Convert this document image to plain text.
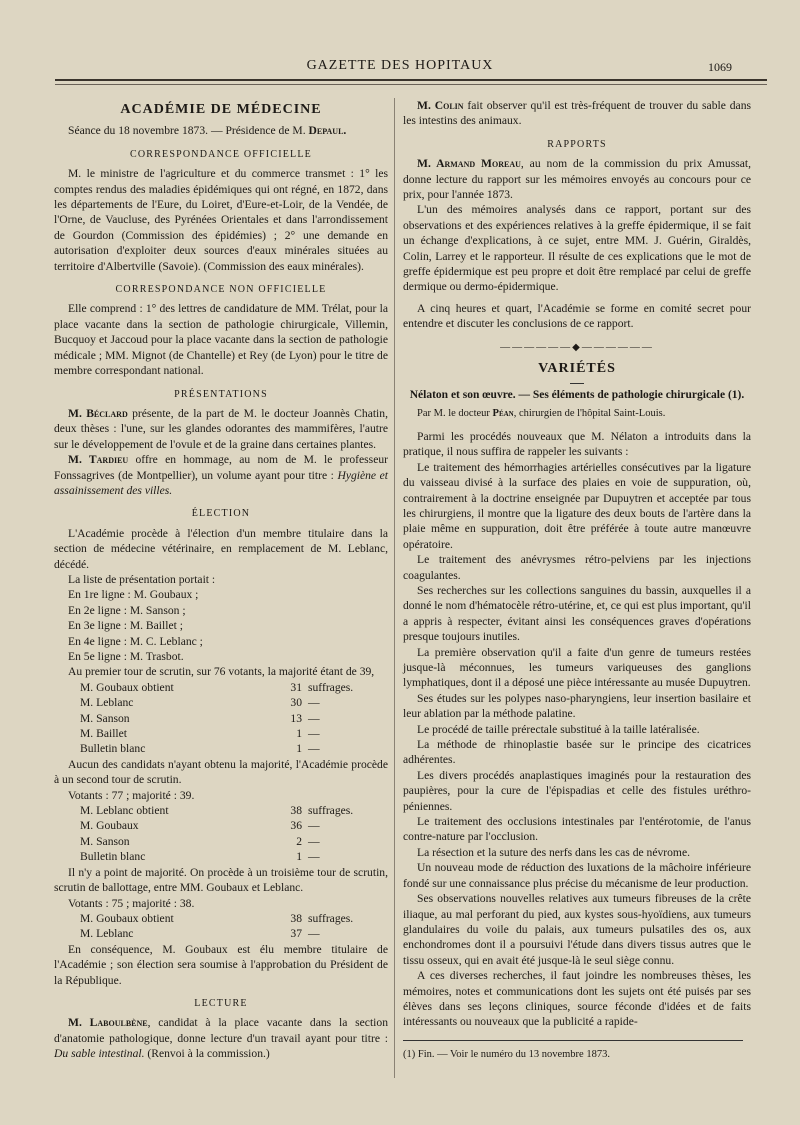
GAZETTE DES HOPITAUX	1069
ACADÉMIE DE MÉDECINE

Séance du 18 novembre 1873. — Présidence de M. Depaul.

CORRESPONDANCE OFFICIELLE

M. le ministre de l'agriculture et du commerce transmet : 1° les comptes rendus des maladies épidémiques qui ont régné, en 1872, dans les départements de l'Eure, du Loiret, d'Eure-et-Loir, de la Vendée, de l'Orne, de Vaucluse, des Pyrénées Orientales et dans l'arrondissement de Gourdon (Commission des épidémies) ; 2° une demande en autorisation d'exploiter deux sources d'eaux minérales situées au territoire d'Albertville (Savoie). (Commission des eaux minérales).

CORRESPONDANCE NON OFFICIELLE

Elle comprend : 1° des lettres de candidature de MM. Trélat, pour la place vacante dans la section de pathologie chirurgicale, Villemin, Bucquoy et Jaccoud pour la place vacante dans la section de pathologie médicale ; MM. Mignot (de Chantelle) et Rey (de Lyon) pour le titre de membre correspondant national.

PRÉSENTATIONS

M. Béclard présente, de la part de M. le docteur Joannès Chatin, deux thèses : l'une, sur les glandes odorantes des mammifères, l'autre sur le développement de l'ovule et de la graine dans certaines plantes.

M. Tardieu offre en hommage, au nom de M. le professeur Fonssagrives (de Montpellier), un volume ayant pour titre : Hygiène et assainissement des villes.

ÉLECTION

L'Académie procède à l'élection d'un membre titulaire dans la section de médecine vétérinaire, en remplacement de M. Leblanc, décédé.

La liste de présentation portait :

En 1re ligne : M. Goubaux ;
En 2e ligne : M. Sanson ;
En 3e ligne : M. Baillet ;
En 4e ligne : M. C. Leblanc ;
En 5e ligne : M. Trasbot.

Au premier tour de scrutin, sur 76 votants, la majorité étant de 39,

M. Goubaux obtient	31	suffrages.
M. Leblanc	30	—
M. Sanson	13	—
M. Baillet	1	—
Bulletin blanc	1	—

Aucun des candidats n'ayant obtenu la majorité, l'Académie procède à un second tour de scrutin.

Votants : 77 ; majorité : 39.

M. Leblanc obtient	38	suffrages.
M. Goubaux	36	—
M. Sanson	2	—
Bulletin blanc	1	—

Il n'y a point de majorité. On procède à un troisième tour de scrutin, scrutin de ballottage, entre MM. Goubaux et Leblanc.

Votants : 75 ; majorité : 38.

M. Goubaux obtient	38	suffrages.
M. Leblanc	37	—

En conséquence, M. Goubaux est élu membre titulaire de l'Académie ; son élection sera soumise à l'approbation du Président de la République.

LECTURE

M. Laboulbène, candidat à la place vacante dans la section d'anatomie pathologique, donne lecture d'un travail ayant pour titre : Du sable intestinal. (Renvoi à la commission.)

M. Colin fait observer qu'il est très-fréquent de trouver du sable dans les intestins des animaux.

RAPPORTS

M. Armand Moreau, au nom de la commission du prix Amussat, donne lecture du rapport sur les mémoires envoyés au concours pour ce prix, pour l'année 1873.

L'un des mémoires analysés dans ce rapport, portant sur des observations et des expériences relatives à la greffe épidermique, il se fait un échange d'explications, à ce sujet, entre MM. J. Guérin, Giraldès, Colin, Larrey et le rapporteur. Il résulte de ces explications que le mot de greffe épidermique est peu propre et doit être remplacé par celui de greffe dermique ou dermo-épidermique.

A cinq heures et quart, l'Académie se forme en comité secret pour entendre et discuter les conclusions de ce rapport.

——————◆——————
VARIÉTÉS
Nélaton et son œuvre. — Ses éléments de pathologie chirurgicale (1).

Par M. le docteur Péan, chirurgien de l'hôpital Saint-Louis.

Parmi les procédés nouveaux que M. Nélaton a introduits dans la pratique, il nous suffira de rappeler les suivants :

Le traitement des hémorrhagies artérielles consécutives par la ligature du vaisseau divisé à la surface des plaies en voie de suppuration, où, contrairement à la doctrine enseignée par Dupuytren et acceptée par tous les chirurgiens, il montre que la ligature des deux bouts de l'artère dans la plaie même en suppuration, doit être préférée à toute autre manœuvre opératoire.

Le traitement des anévrysmes rétro-pelviens par les injections coagulantes.

Ses recherches sur les collections sanguines du bassin, auxquelles il a donné le nom d'hématocèle rétro-utérine, et, ce qui est plus important, qu'il a appris à respecter, évitant ainsi les conséquences graves d'opérations presque toujours inutiles.

La première observation qu'il a faite d'un genre de tumeurs restées jusque-là méconnues, les tumeurs variqueuses des ganglions lymphatiques, dont il a déposé une pièce intéressante au musée Dupuytren.

Ses études sur les polypes naso-pharyngiens, leur insertion basilaire et leur ablation par la méthode palatine.

Le procédé de taille prérectale substitué à la taille latéralisée.

La méthode de rhinoplastie basée sur le principe des cicatrices adhérentes.

Les divers procédés anaplastiques imaginés pour la restauration des paupières, pour la cure de l'épispadias et celle des fistules uréthro-péniennes.

Le traitement des occlusions intestinales par l'entérotomie, de l'anus contre-nature par l'occlusion.

La résection et la suture des nerfs dans les cas de névrome.

Un nouveau mode de réduction des luxations de la mâchoire inférieure fondé sur une connaissance plus précise du mécanisme de leur production.

Ses observations nouvelles relatives aux tumeurs fibreuses de la crête iliaque, au mal perforant du pied, aux kystes sous-hyoïdiens, aux tumeurs glandulaires du voile du palais, aux tumeurs pulsatiles des os, aux enchondromes dont il a poursuivi l'étude dans divers tissus autres que le tissu osseux, qui en avait été jusque-là le seul siège connu.

A ces diverses recherches, il faut joindre les nombreuses thèses, les mémoires, notes et communications dont les sujets ont été puisés par ses élèves dans ses leçons cliniques, source féconde d'idées et de faits intéressants ou nouveaux que la publicité a rapide-

(1) Fin. — Voir le numéro du 13 novembre 1873.
